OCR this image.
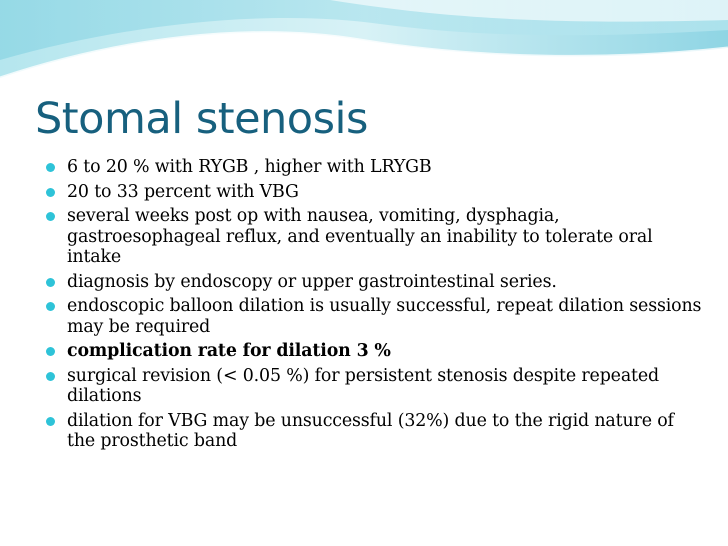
Stomal stenosis
6 to 20 % with RYGB , higher with LRYGB
20 to 33 percent with VBG
several weeks post op with nausea, vomiting, dysphagia, gastroesophageal reflux, and eventually an inability to tolerate oral intake
diagnosis by endoscopy or upper gastrointestinal series.
endoscopic balloon dilation is usually successful, repeat dilation sessions may be required
complication rate for dilation 3 %
surgical revision (< 0.05 %) for persistent stenosis despite repeated dilations
dilation for VBG may be unsuccessful (32%) due to the rigid nature of the prosthetic band
